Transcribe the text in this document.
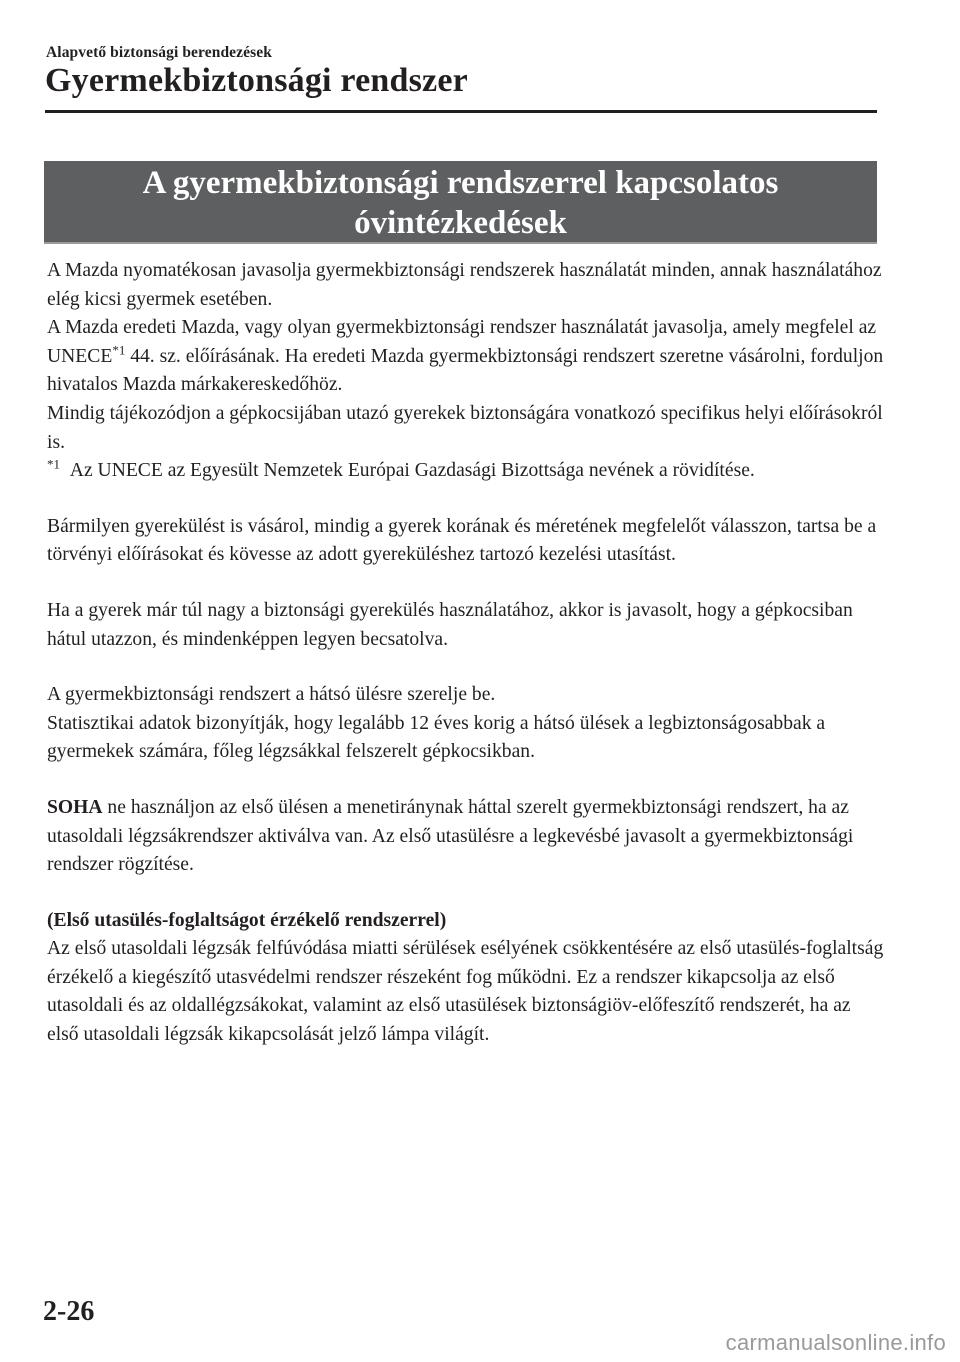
Alapvető biztonsági berendezések
Gyermekbiztonsági rendszer
A gyermekbiztonsági rendszerrel kapcsolatos
óvintézkedések

A Mazda nyomatékosan javasolja gyermekbiztonsági rendszerek használatát minden, annak használatához elég kicsi gyermek esetében.

A Mazda eredeti Mazda, vagy olyan gyermekbiztonsági rendszer használatát javasolja, amely megfelel az UNECE$^{*1}$ 44. sz. előírásának. Ha eredeti Mazda gyermekbiztonsági rendszert szeretne vásárolni, forduljon hivatalos Mazda márkakereskedőhöz.

Mindig tájékozódjon a gépkocsijában utazó gyerekek biztonságára vonatkozó specifikus helyi előírásokról is.

$^{*1}$ Az UNECE az Egyesült Nemzetek Európai Gazdasági Bizottsága nevének a rövidítése.

Bármilyen gyerekülést is vásárol, mindig a gyerek korának és méretének megfelelőt válasszon, tartsa be a törvényi előírásokat és kövesse az adott gyereküléshez tartozó kezelési utasítást.

Ha a gyerek már túl nagy a biztonsági gyerekülés használatához, akkor is javasolt, hogy a gépkocsiban hátul utazzon, és mindenképpen legyen becsatolva.

A gyermekbiztonsági rendszert a hátsó ülésre szerelje be.

Statisztikai adatok bizonyítják, hogy legalább 12 éves korig a hátsó ülések a legbiztonságosabbak a gyermekek számára, főleg légzsákkal felszerelt gépkocsikban.

SOHA ne használjon az első ülésen a menetiránynak háttal szerelt gyermekbiztonsági rendszert, ha az utasoldali légzsákrendszer aktiválva van. Az első utasülésre a legkevésbé javasolt a gyermekbiztonsági rendszer rögzítése.

(Első utasülés-foglaltságot érzékelő rendszerrel)

Az első utasoldali légzsák felfúvódása miatti sérülések esélyének csökkentésére az első utasülés-foglaltság érzékelő a kiegészítő utasvédelmi rendszer részeként fog működni. Ez a rendszer kikapcsolja az első utasoldali és az oldallégzsákokat, valamint az első utasülések biztonságiöv-előfeszítő rendszerét, ha az első utasoldali légzsák kikapcsolását jelző lámpa világít.

2-26
carmanualsonline.info
